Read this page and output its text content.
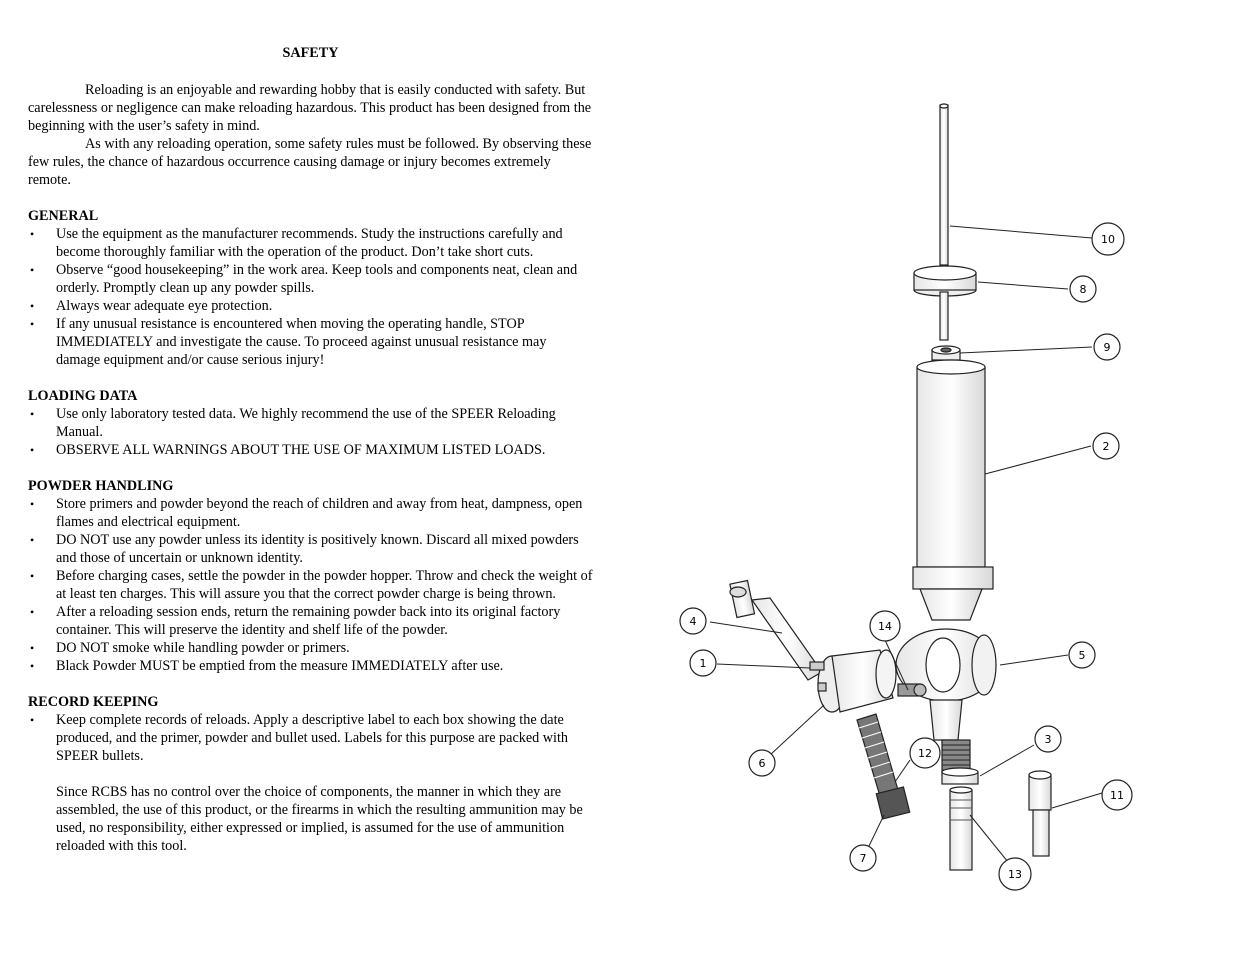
SAFETY

Reloading is an enjoyable and rewarding hobby that is easily conducted with safety. But carelessness or negligence can make reloading hazardous. This product has been designed from the beginning with the user’s safety in mind.

As with any reloading operation, some safety rules must be followed. By observing these few rules, the chance of hazardous occurrence causing damage or injury becomes extremely remote.

GENERAL
• Use the equipment as the manufacturer recommends. Study the instructions carefully and become thoroughly familiar with the operation of the product. Don’t take short cuts.
• Observe “good housekeeping” in the work area. Keep tools and components neat, clean and orderly. Promptly clean up any powder spills.
• Always wear adequate eye protection.
• If any unusual resistance is encountered when moving the operating handle, STOP IMMEDIATELY and investigate the cause. To proceed against unusual resistance may damage equipment and/or cause serious injury!
LOADING DATA
• Use only laboratory tested data. We highly recommend the use of the SPEER Reloading Manual.
• OBSERVE ALL WARNINGS ABOUT THE USE OF MAXIMUM LISTED LOADS.
POWDER HANDLING
• Store primers and powder beyond the reach of children and away from heat, dampness, open flames and electrical equipment.
• DO NOT use any powder unless its identity is positively known. Discard all mixed powders and those of uncertain or unknown identity.
• Before charging cases, settle the powder in the powder hopper. Throw and check the weight of at least ten charges. This will assure you that the correct powder charge is being thrown.
• After a reloading session ends, return the remaining powder back into its original factory container. This will preserve the identity and shelf life of the powder.
• DO NOT smoke while handling powder or primers.
• Black Powder MUST be emptied from the measure IMMEDIATELY after use.
RECORD KEEPING
• Keep complete records of reloads. Apply a descriptive label to each box showing the date produced, and the primer, powder and bullet used. Labels for this purpose are packed with SPEER bullets.

Since RCBS has no control over the choice of components, the manner in which they are assembled, the use of this product, or the firearms in which the resulting ammunition may be used, no responsibility, either expressed or implied, is assumed for the use of ammunition reloaded with this tool.

10
8
9
2
4	14
5
1
6
12
3
11
7
13
